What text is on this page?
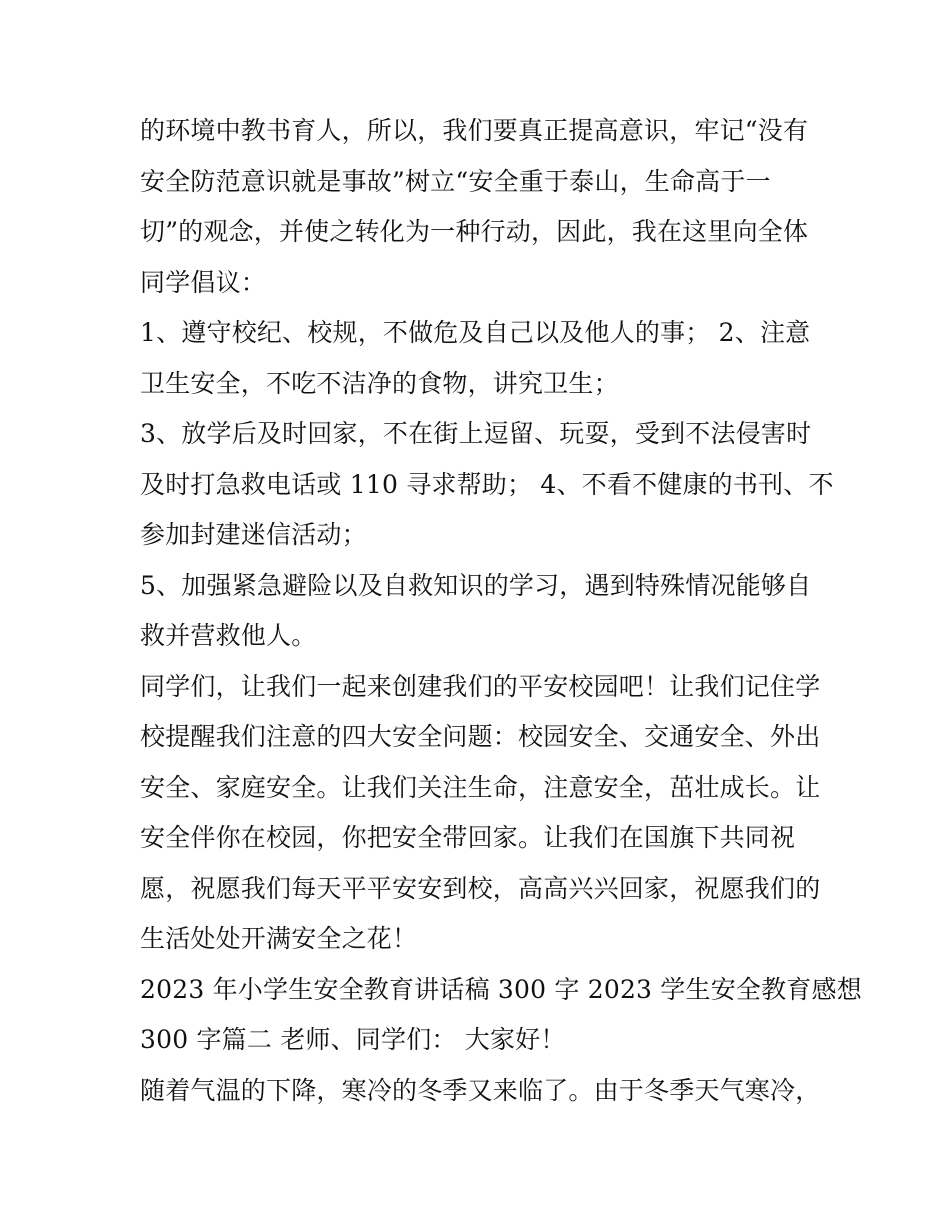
的环境中教书育人，所以，我们要真正提高意识，牢记“没有
安全防范意识就是事故”树立“安全重于泰山，生命高于一
切”的观念，并使之转化为一种行动，因此，我在这里向全体
同学倡议：
1、遵守校纪、校规，不做危及自己以及他人的事； 2、注意
卫生安全，不吃不洁净的食物，讲究卫生；
3、放学后及时回家，不在街上逗留、玩耍，受到不法侵害时
及时打急救电话或 110 寻求帮助； 4、不看不健康的书刊、不
参加封建迷信活动；
5、加强紧急避险以及自救知识的学习，遇到特殊情况能够自
救并营救他人。
同学们，让我们一起来创建我们的平安校园吧！让我们记住学
校提醒我们注意的四大安全问题：校园安全、交通安全、外出
安全、家庭安全。让我们关注生命，注意安全，茁壮成长。让
安全伴你在校园，你把安全带回家。让我们在国旗下共同祝
愿，祝愿我们每天平平安安到校，高高兴兴回家，祝愿我们的
生活处处开满安全之花！
2023 年小学生安全教育讲话稿 300 字 2023 学生安全教育感想
300 字篇二 老师、同学们： 大家好！
随着气温的下降，寒冷的冬季又来临了。由于冬季天气寒冷，
